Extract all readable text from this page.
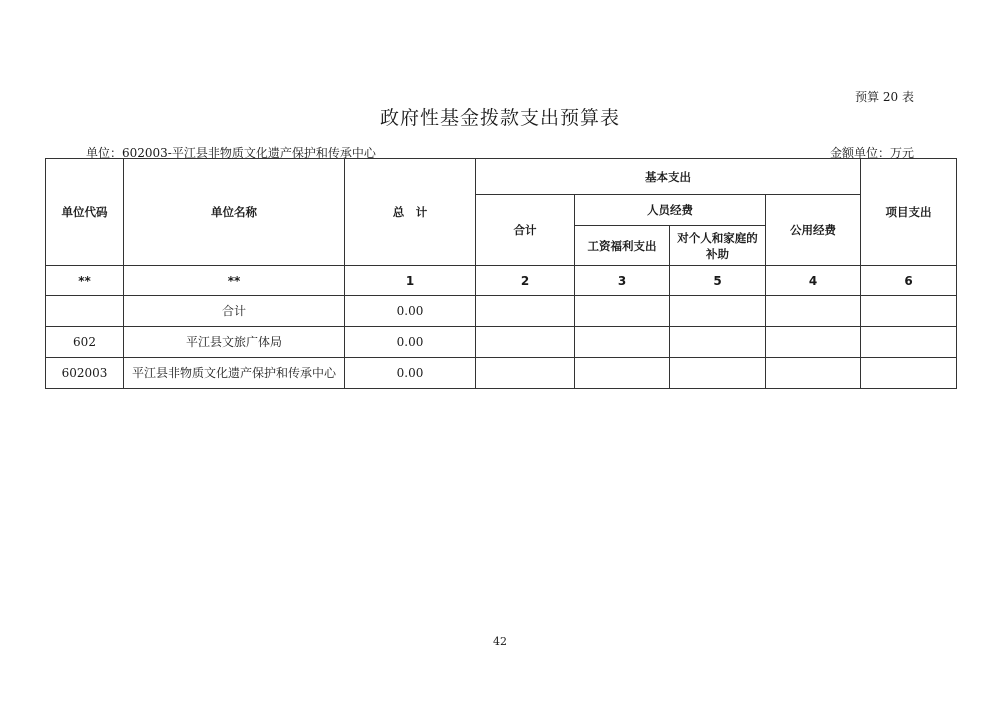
预算 20 表
政府性基金拨款支出预算表
单位：602003-平江县非物质文化遗产保护和传承中心	金额单位：万元
单位代码	单位名称	总　计	基本支出				项目支出
			合计	人员经费		公用经费	
				工资福利支出	对个人和家庭的补助		
**	**	1	2	3	5	4	6
	合计	0.00					
602	平江县文旅广体局	0.00					
602003	平江县非物质文化遗产保护和传承中心	0.00					
42
